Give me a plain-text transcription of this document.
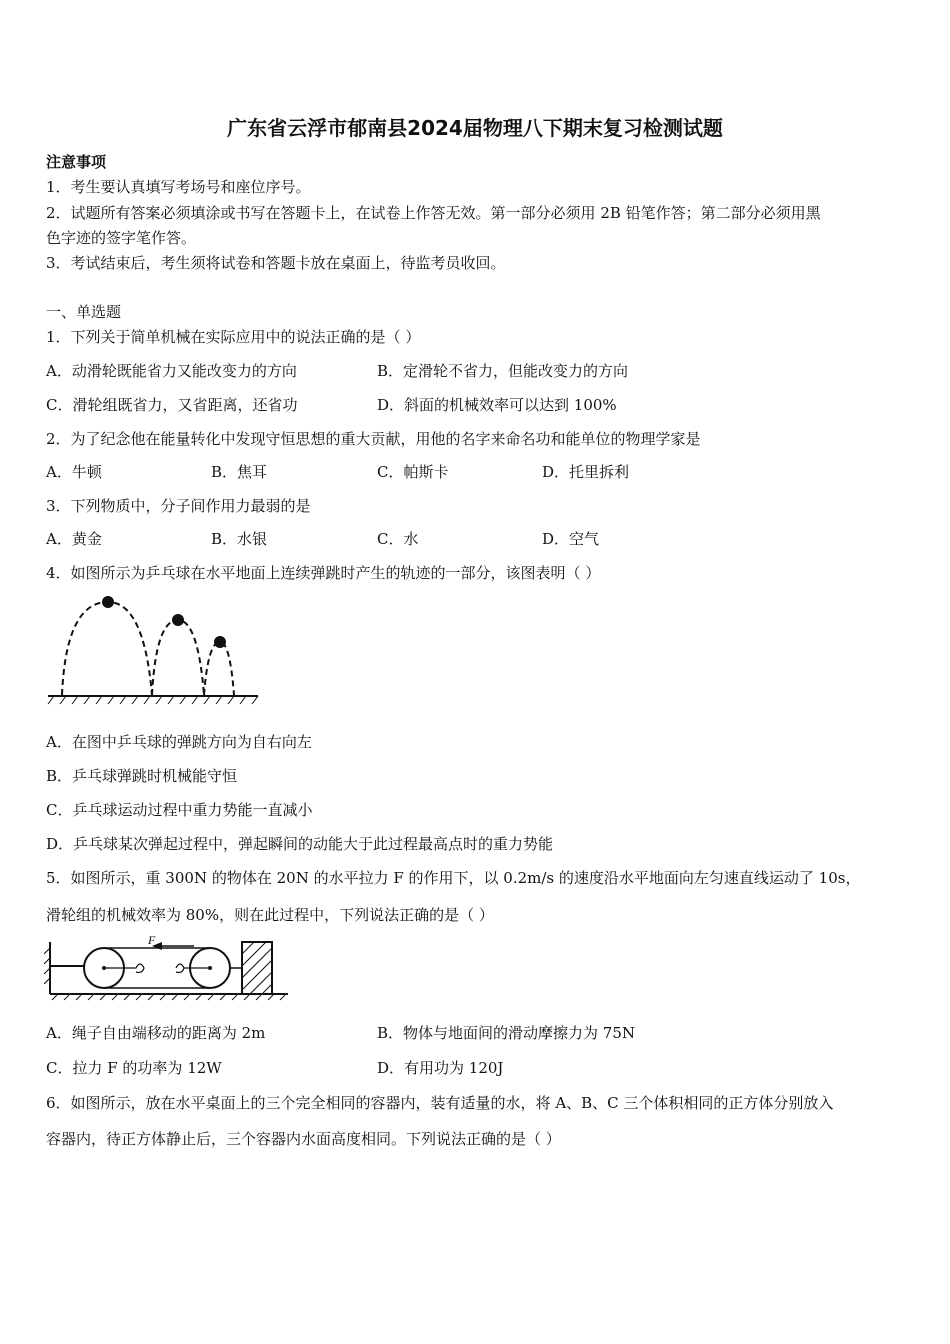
广东省云浮市郁南县2024届物理八下期末复习检测试题
注意事项
1．考生要认真填写考场号和座位序号。
2．试题所有答案必须填涂或书写在答题卡上，在试卷上作答无效。第一部分必须用 2B 铅笔作答；第二部分必须用黑
色字迹的签字笔作答。
3．考试结束后，考生须将试卷和答题卡放在桌面上，待监考员收回。
一、单选题
1．下列关于简单机械在实际应用中的说法正确的是（ ）
A．动滑轮既能省力又能改变力的方向	B．定滑轮不省力，但能改变力的方向
C．滑轮组既省力，又省距离，还省功	D．斜面的机械效率可以达到 100%
2．为了纪念他在能量转化中发现守恒思想的重大贡献，用他的名字来命名功和能单位的物理学家是
A．牛顿	B．焦耳	C．帕斯卡	D．托里拆利
3．下列物质中，分子间作用力最弱的是
A．黄金	B．水银	C．水	D．空气
4．如图所示为乒乓球在水平地面上连续弹跳时产生的轨迹的一部分，该图表明（ ）
A．在图中乒乓球的弹跳方向为自右向左
B．乒乓球弹跳时机械能守恒
C．乒乓球运动过程中重力势能一直减小
D．乒乓球某次弹起过程中，弹起瞬间的动能大于此过程最高点时的重力势能
5．如图所示，重 300N 的物体在 20N 的水平拉力 F 的作用下，以 0.2m/s 的速度沿水平地面向左匀速直线运动了 10s，
滑轮组的机械效率为 80%，则在此过程中，下列说法正确的是（ ）
F
A．绳子自由端移动的距离为 2m	B．物体与地面间的滑动摩擦力为 75N
C．拉力 F 的功率为 12W	D．有用功为 120J
6．如图所示，放在水平桌面上的三个完全相同的容器内，装有适量的水，将 A、B、C 三个体积相同的正方体分别放入
容器内，待正方体静止后，三个容器内水面高度相同。下列说法正确的是（ ）
